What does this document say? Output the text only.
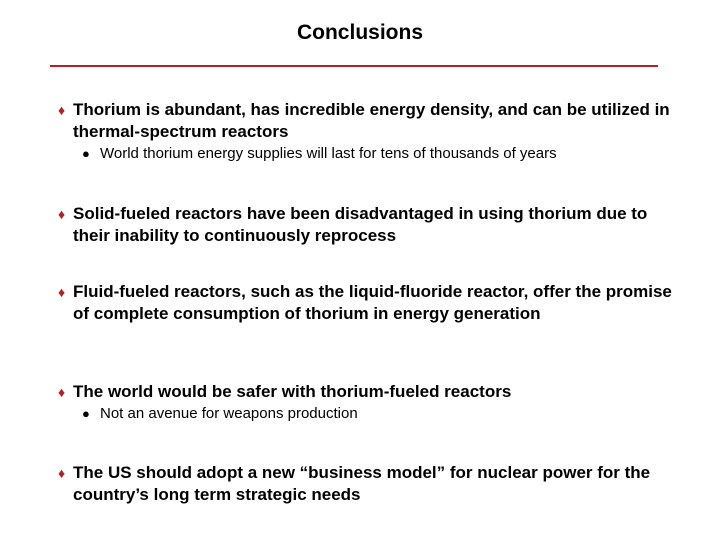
Conclusions
♦ Thorium is abundant, has incredible energy density, and can be utilized in thermal-spectrum reactors
● World thorium energy supplies will last for tens of thousands of years
♦ Solid-fueled reactors have been disadvantaged in using thorium due to their inability to continuously reprocess
♦ Fluid-fueled reactors, such as the liquid-fluoride reactor, offer the promise of complete consumption of thorium in energy generation
♦ The world would be safer with thorium-fueled reactors
● Not an avenue for weapons production
♦ The US should adopt a new “business model” for nuclear power for the country’s long term strategic needs
